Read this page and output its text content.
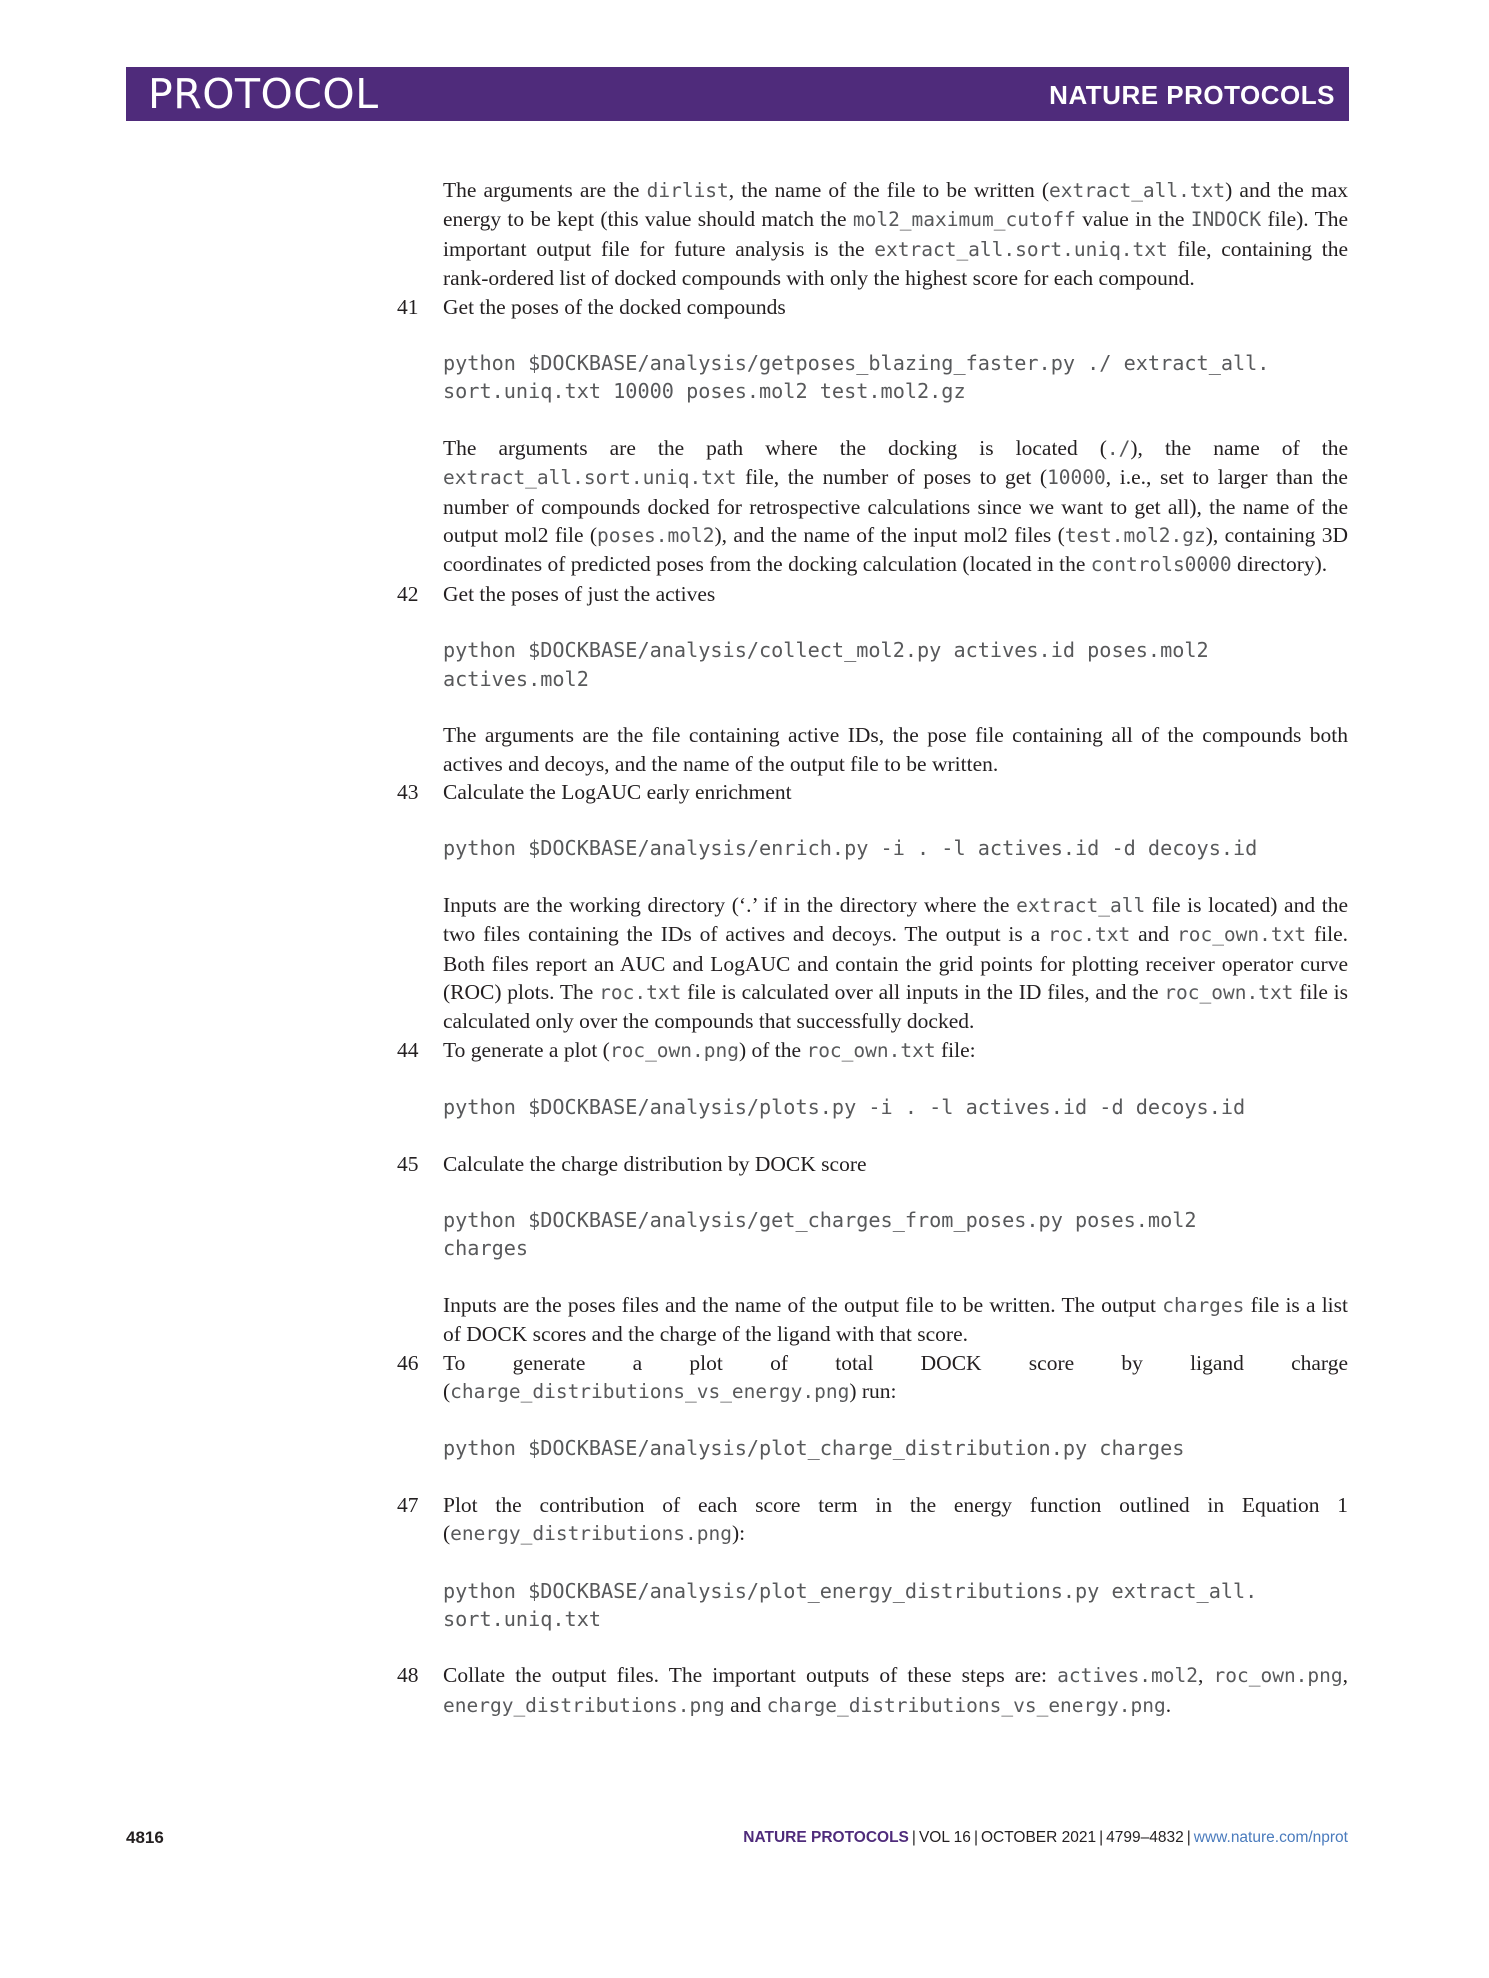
PROTOCOL	NATURE PROTOCOLS

The arguments are the dirlist, the name of the file to be written (extract_all.txt) and the max energy to be kept (this value should match the mol2_maximum_cutoff value in the INDOCK file). The important output file for future analysis is the extract_all.sort.uniq.txt file, containing the rank-ordered list of docked compounds with only the highest score for each compound.

41 Get the poses of the docked compounds

python $DOCKBASE/analysis/getposes_blazing_faster.py ./ extract_all.
sort.uniq.txt 10000 poses.mol2 test.mol2.gz

The arguments are the path where the docking is located (./), the name of the extract_all.sort.uniq.txt file, the number of poses to get (10000, i.e., set to larger than the number of compounds docked for retrospective calculations since we want to get all), the name of the output mol2 file (poses.mol2), and the name of the input mol2 files (test.mol2.gz), containing 3D coordinates of predicted poses from the docking calculation (located in the controls0000 directory).

42 Get the poses of just the actives

python $DOCKBASE/analysis/collect_mol2.py actives.id poses.mol2
actives.mol2

The arguments are the file containing active IDs, the pose file containing all of the compounds both actives and decoys, and the name of the output file to be written.

43 Calculate the LogAUC early enrichment

python $DOCKBASE/analysis/enrich.py -i . -l actives.id -d decoys.id

Inputs are the working directory (‘.’ if in the directory where the extract_all file is located) and the two files containing the IDs of actives and decoys. The output is a roc.txt and roc_own.txt file. Both files report an AUC and LogAUC and contain the grid points for plotting receiver operator curve (ROC) plots. The roc.txt file is calculated over all inputs in the ID files, and the roc_own.txt file is calculated only over the compounds that successfully docked.

44 To generate a plot (roc_own.png) of the roc_own.txt file:

python $DOCKBASE/analysis/plots.py -i . -l actives.id -d decoys.id

45 Calculate the charge distribution by DOCK score

python $DOCKBASE/analysis/get_charges_from_poses.py poses.mol2
charges

Inputs are the poses files and the name of the output file to be written. The output charges file is a list of DOCK scores and the charge of the ligand with that score.

46 To generate a plot of total DOCK score by ligand charge (charge_distributions_vs_energy.png) run:

python $DOCKBASE/analysis/plot_charge_distribution.py charges

47 Plot the contribution of each score term in the energy function outlined in Equation 1 (energy_distributions.png):

python $DOCKBASE/analysis/plot_energy_distributions.py extract_all.
sort.uniq.txt

48 Collate the output files. The important outputs of these steps are: actives.mol2, roc_own.png, energy_distributions.png and charge_distributions_vs_energy.png.

4816	NATURE PROTOCOLS | VOL 16 | OCTOBER 2021 | 4799–4832 | www.nature.com/nprot
